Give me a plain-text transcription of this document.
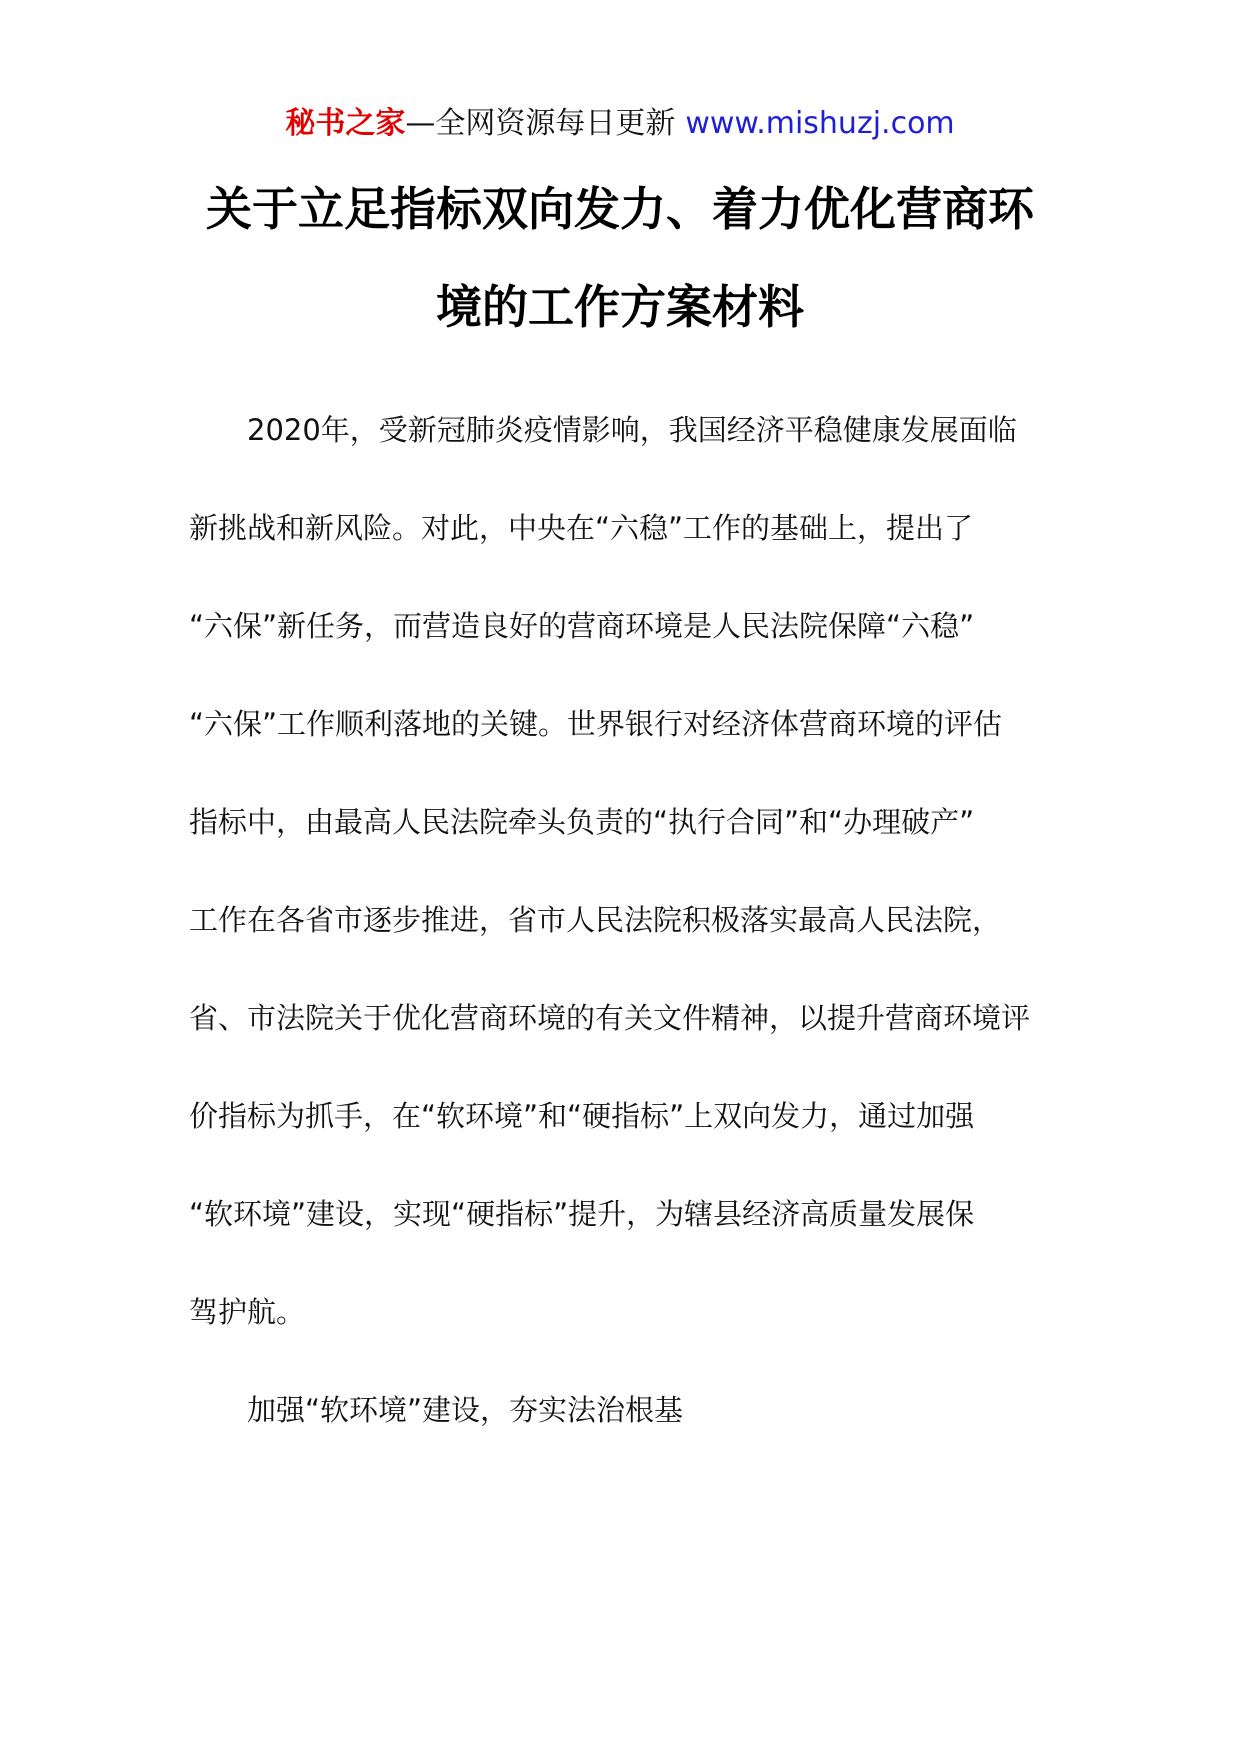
秘书之家—全网资源每日更新 www.mishuzj.com
关于立足指标双向发力、着力优化营商环
境的工作方案材料
2020年，受新冠肺炎疫情影响，我国经济平稳健康发展面临
新挑战和新风险。对此，中央在“六稳”工作的基础上，提出了
“六保”新任务，而营造良好的营商环境是人民法院保障“六稳”
“六保”工作顺利落地的关键。世界银行对经济体营商环境的评估
指标中，由最高人民法院牵头负责的“执行合同”和“办理破产”
工作在各省市逐步推进，省市人民法院积极落实最高人民法院，
省、市法院关于优化营商环境的有关文件精神，以提升营商环境评
价指标为抓手，在“软环境”和“硬指标”上双向发力，通过加强
“软环境”建设，实现“硬指标”提升，为辖县经济高质量发展保
驾护航。
加强“软环境”建设，夯实法治根基
